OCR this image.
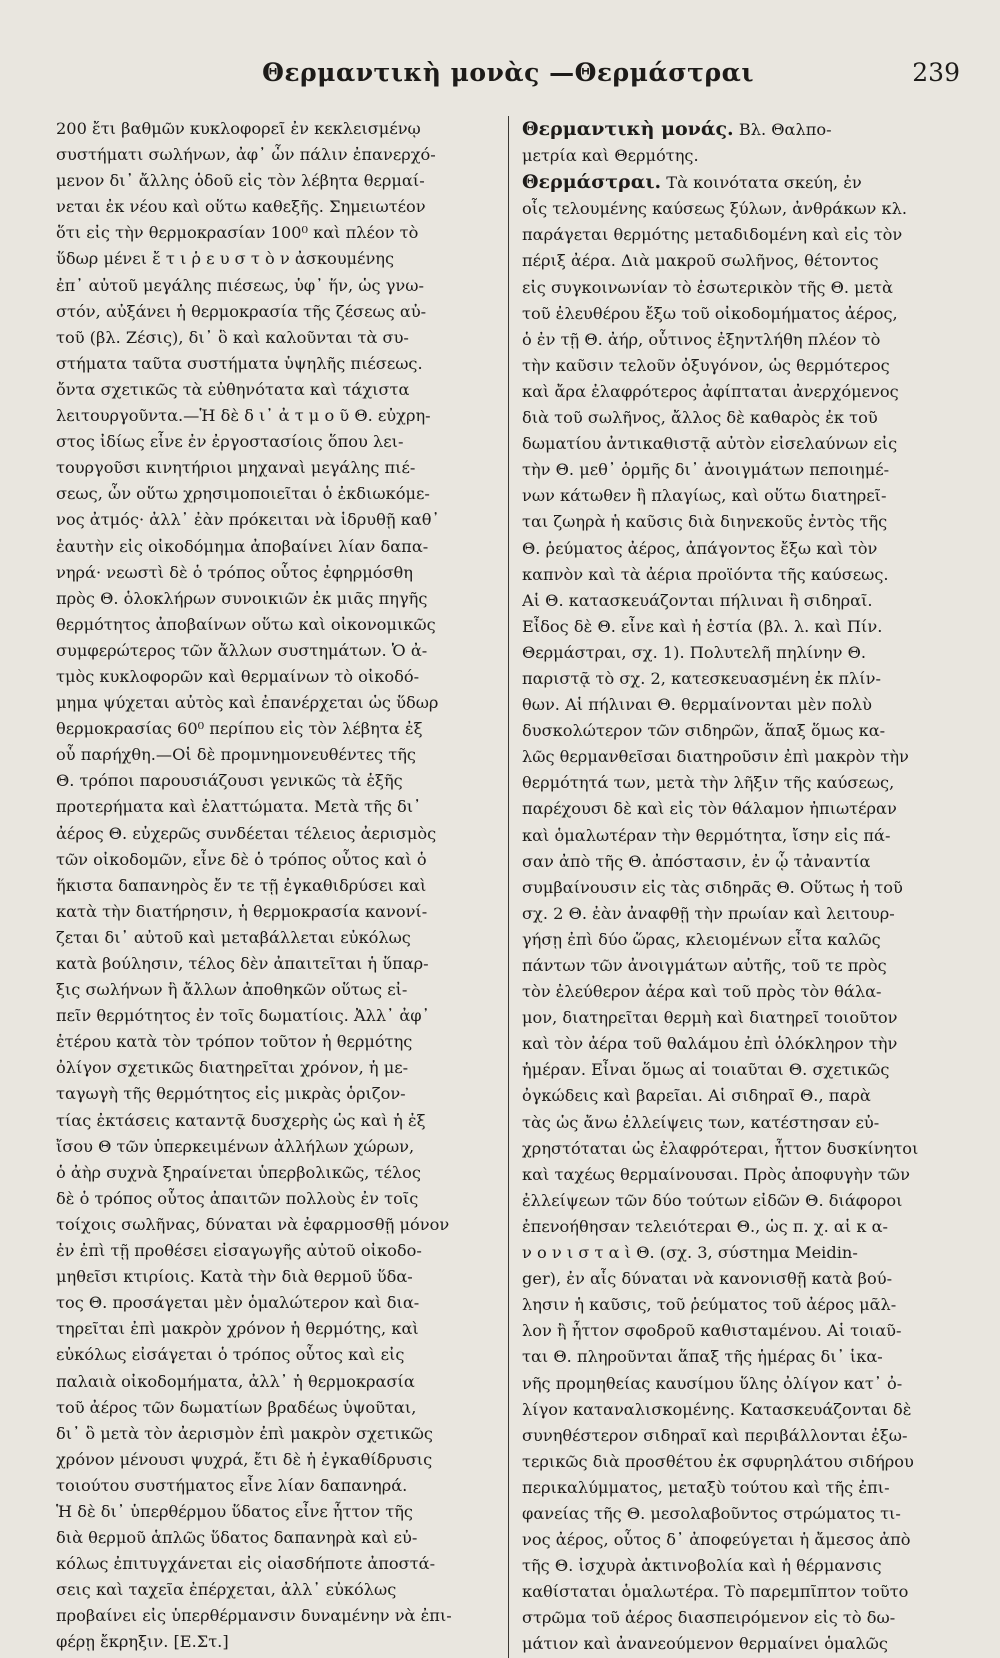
Θερμαντικὴ μονὰς —Θερμάστραι	239
200 ἔτι βαθμῶν κυκλοφορεῖ ἐν κεκλεισμένῳ
συστήματι σωλήνων, ἀφ᾽ ὧν πάλιν ἐπανερχό-
μενον δι᾽ ἄλλης ὁδοῦ εἰς τὸν λέβητα θερμαί-
νεται ἐκ νέου καὶ οὕτω καθεξῆς. Σημειωτέον
ὅτι εἰς τὴν θερμοκρασίαν 100⁰ καὶ πλέον τὸ
ὕδωρ μένει ἔ τ ι ῥ ε υ σ τ ὸ ν ἀσκουμένης
ἐπ᾽ αὐτοῦ μεγάλης πιέσεως, ὑφ᾽ ἥν, ὡς γνω-
στόν, αὐξάνει ἡ θερμοκρασία τῆς ζέσεως αὐ-
τοῦ (βλ. Ζέσις), δι᾽ ὃ καὶ καλοῦνται τὰ συ-
στήματα ταῦτα συστήματα ὑψηλῆς πιέσεως.
ὄντα σχετικῶς τὰ εὐθηνότατα καὶ τάχιστα
λειτουργοῦντα.—Ἡ δὲ δ ι᾽ ἀ τ μ ο ῦ Θ. εὐχρη-
στος ἰδίως εἶνε ἐν ἐργοστασίοις ὅπου λει-
τουργοῦσι κινητήριοι μηχαναὶ μεγάλης πιέ-
σεως, ὧν οὕτω χρησιμοποιεῖται ὁ ἐκδιωκόμε-
νος ἀτμός· ἀλλ᾽ ἐὰν πρόκειται νὰ ἱδρυθῇ καθ᾽
ἑαυτὴν εἰς οἰκοδόμημα ἀποβαίνει λίαν δαπα-
νηρά· νεωστὶ δὲ ὁ τρόπος οὗτος ἐφηρμόσθη
πρὸς Θ. ὁλοκλήρων συνοικιῶν ἐκ μιᾶς πηγῆς
θερμότητος ἀποβαίνων οὕτω καὶ οἰκονομικῶς
συμφερώτερος τῶν ἄλλων συστημάτων. Ὁ ἀ-
τμὸς κυκλοφορῶν καὶ θερμαίνων τὸ οἰκοδό-
μημα ψύχεται αὐτὸς καὶ ἐπανέρχεται ὡς ὕδωρ
θερμοκρασίας 60⁰ περίπου εἰς τὸν λέβητα ἐξ
οὗ παρήχθη.—Οἱ δὲ προμνημονευθέντες τῆς
Θ. τρόποι παρουσιάζουσι γενικῶς τὰ ἑξῆς
προτερήματα καὶ ἐλαττώματα. Μετὰ τῆς δι᾽
ἀέρος Θ. εὐχερῶς συνδέεται τέλειος ἀερισμὸς
τῶν οἰκοδομῶν, εἶνε δὲ ὁ τρόπος οὗτος καὶ ὁ
ἥκιστα δαπανηρὸς ἔν τε τῇ ἐγκαθιδρύσει καὶ
κατὰ τὴν διατήρησιν, ἡ θερμοκρασία κανονί-
ζεται δι᾽ αὐτοῦ καὶ μεταβάλλεται εὐκόλως
κατὰ βούλησιν, τέλος δὲν ἀπαιτεῖται ἡ ὕπαρ-
ξις σωλήνων ἢ ἄλλων ἀποθηκῶν οὕτως εἰ-
πεῖν θερμότητος ἐν τοῖς δωματίοις. Ἀλλ᾽ ἀφ᾽
ἑτέρου κατὰ τὸν τρόπον τοῦτον ἡ θερμότης
ὀλίγον σχετικῶς διατηρεῖται χρόνον, ἡ με-
ταγωγὴ τῆς θερμότητος εἰς μικρὰς ὁριζον-
τίας ἐκτάσεις καταντᾷ δυσχερὴς ὡς καὶ ἡ ἐξ
ἴσου Θ τῶν ὑπερκειμένων ἀλλήλων χώρων,
ὁ ἀὴρ συχνὰ ξηραίνεται ὑπερβολικῶς, τέλος
δὲ ὁ τρόπος οὗτος ἀπαιτῶν πολλοὺς ἐν τοῖς
τοίχοις σωλῆνας, δύναται νὰ ἐφαρμοσθῇ μόνον
ἐν ἐπὶ τῇ προθέσει εἰσαγωγῆς αὐτοῦ οἰκοδο-
μηθεῖσι κτιρίοις. Κατὰ τὴν διὰ θερμοῦ ὕδα-
τος Θ. προσάγεται μὲν ὁμαλώτερον καὶ δια-
τηρεῖται ἐπὶ μακρὸν χρόνον ἡ θερμότης, καὶ
εὐκόλως εἰσάγεται ὁ τρόπος οὗτος καὶ εἰς
παλαιὰ οἰκοδομήματα, ἀλλ᾽ ἡ θερμοκρασία
τοῦ ἀέρος τῶν δωματίων βραδέως ὑψοῦται,
δι᾽ ὃ μετὰ τὸν ἀερισμὸν ἐπὶ μακρὸν σχετικῶς
χρόνον μένουσι ψυχρά, ἔτι δὲ ἡ ἐγκαθίδρυσις
τοιούτου συστήματος εἶνε λίαν δαπανηρά.
Ἡ δὲ δι᾽ ὑπερθέρμου ὕδατος εἶνε ἧττον τῆς
διὰ θερμοῦ ἁπλῶς ὕδατος δαπανηρὰ καὶ εὐ-
κόλως ἐπιτυγχάνεται εἰς οἱασδήποτε ἀποστά-
σεις καὶ ταχεῖα ἐπέρχεται, ἀλλ᾽ εὐκόλως
προβαίνει εἰς ὑπερθέρμανσιν δυναμένην νὰ ἐπι-
φέρῃ ἔκρηξιν. [Ε.Στ.]
Θερμαντικὴ μονάς. Βλ. Θαλπο-
μετρία καὶ Θερμότης.
Θερμάστραι. Τὰ κοινότατα σκεύη, ἐν
οἷς τελουμένης καύσεως ξύλων, ἀνθράκων κλ.
παράγεται θερμότης μεταδιδομένη καὶ εἰς τὸν
πέριξ ἀέρα. Διὰ μακροῦ σωλῆνος, θέτοντος
εἰς συγκοινωνίαν τὸ ἐσωτερικὸν τῆς Θ. μετὰ
τοῦ ἐλευθέρου ἔξω τοῦ οἰκοδομήματος ἀέρος,
ὁ ἐν τῇ Θ. ἀήρ, οὗτινος ἐξηντλήθη πλέον τὸ
τὴν καῦσιν τελοῦν ὀξυγόνον, ὡς θερμότερος
καὶ ἄρα ἐλαφρότερος ἀφίπταται ἀνερχόμενος
διὰ τοῦ σωλῆνος, ἄλλος δὲ καθαρὸς ἐκ τοῦ
δωματίου ἀντικαθιστᾷ αὐτὸν εἰσελαύνων εἰς
τὴν Θ. μεθ᾽ ὁρμῆς δι᾽ ἀνοιγμάτων πεποιημέ-
νων κάτωθεν ἢ πλαγίως, καὶ οὕτω διατηρεῖ-
ται ζωηρὰ ἡ καῦσις διὰ διηνεκοῦς ἐντὸς τῆς
Θ. ῥεύματος ἀέρος, ἀπάγοντος ἔξω καὶ τὸν
καπνὸν καὶ τὰ ἀέρια προϊόντα τῆς καύσεως.
Αἱ Θ. κατασκευάζονται πήλιναι ἢ σιδηραῖ.
Εἶδος δὲ Θ. εἶνε καὶ ἡ ἑστία (βλ. λ. καὶ Πίν.
Θερμάστραι, σχ. 1). Πολυτελῆ πηλίνην Θ.
παριστᾷ τὸ σχ. 2, κατεσκευασμένη ἐκ πλίν-
θων. Αἱ πήλιναι Θ. θερμαίνονται μὲν πολὺ
δυσκολώτερον τῶν σιδηρῶν, ἅπαξ ὅμως κα-
λῶς θερμανθεῖσαι διατηροῦσιν ἐπὶ μακρὸν τὴν
θερμότητά των, μετὰ τὴν λῆξιν τῆς καύσεως,
παρέχουσι δὲ καὶ εἰς τὸν θάλαμον ἠπιωτέραν
καὶ ὁμαλωτέραν τὴν θερμότητα, ἴσην εἰς πά-
σαν ἀπὸ τῆς Θ. ἀπόστασιν, ἐν ᾧ τἀναντία
συμβαίνουσιν εἰς τὰς σιδηρᾶς Θ. Οὕτως ἡ τοῦ
σχ. 2 Θ. ἐὰν ἀναφθῇ τὴν πρωίαν καὶ λειτουρ-
γήσῃ ἐπὶ δύο ὥρας, κλειομένων εἶτα καλῶς
πάντων τῶν ἀνοιγμάτων αὐτῆς, τοῦ τε πρὸς
τὸν ἐλεύθερον ἀέρα καὶ τοῦ πρὸς τὸν θάλα-
μον, διατηρεῖται θερμὴ καὶ διατηρεῖ τοιοῦτον
καὶ τὸν ἀέρα τοῦ θαλάμου ἐπὶ ὁλόκληρον τὴν
ἡμέραν. Εἶναι ὅμως αἱ τοιαῦται Θ. σχετικῶς
ὀγκώδεις καὶ βαρεῖαι. Αἱ σιδηραῖ Θ., παρὰ
τὰς ὡς ἄνω ἐλλείψεις των, κατέστησαν εὐ-
χρηστόταται ὡς ἐλαφρότεραι, ἧττον δυσκίνητοι
καὶ ταχέως θερμαίνουσαι. Πρὸς ἀποφυγὴν τῶν
ἐλλείψεων τῶν δύο τούτων εἰδῶν Θ. διάφοροι
ἐπενοήθησαν τελειότεραι Θ., ὡς π. χ. αἱ κ α-
ν ο ν ι σ τ α ὶ Θ. (σχ. 3, σύστημα Meidin-
ger), ἐν αἷς δύναται νὰ κανονισθῇ κατὰ βού-
λησιν ἡ καῦσις, τοῦ ῥεύματος τοῦ ἀέρος μᾶλ-
λον ἢ ἧττον σφοδροῦ καθισταμένου. Αἱ τοιαῦ-
ται Θ. πληροῦνται ἅπαξ τῆς ἡμέρας δι᾽ ἱκα-
νῆς προμηθείας καυσίμου ὕλης ὀλίγον κατ᾽ ὀ-
λίγον καταναλισκομένης. Κατασκευάζονται δὲ
συνηθέστερον σιδηραῖ καὶ περιβάλλονται ἐξω-
τερικῶς διὰ προσθέτου ἐκ σφυρηλάτου σιδήρου
περικαλύμματος, μεταξὺ τούτου καὶ τῆς ἐπι-
φανείας τῆς Θ. μεσολαβοῦντος στρώματος τι-
νος ἀέρος, οὗτος δ᾽ ἀποφεύγεται ἡ ἄμεσος ἀπὸ
τῆς Θ. ἰσχυρὰ ἀκτινοβολία καὶ ἡ θέρμανσις
καθίσταται ὁμαλωτέρα. Τὸ παρεμπῖπτον τοῦτο
στρῶμα τοῦ ἀέρος διασπειρόμενον εἰς τὸ δω-
μάτιον καὶ ἀνανεούμενον θερμαίνει ὁμαλῶς
